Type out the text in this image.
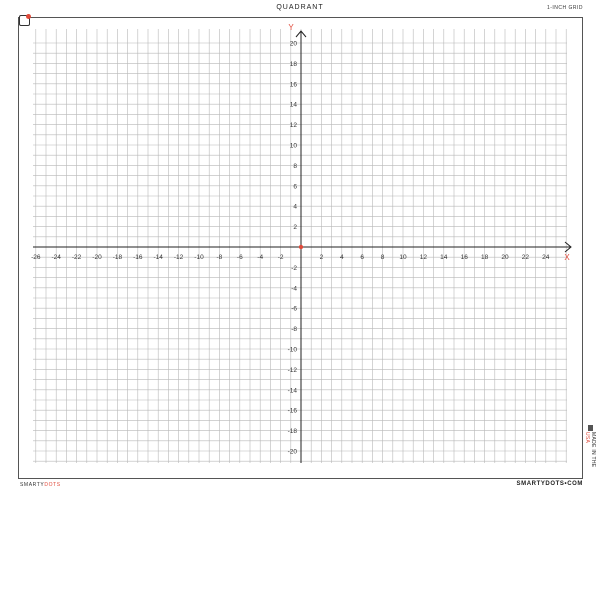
QUADRANT	1-INCH GRID
X
Y
-26 -24 -22 -20 -18 -16 -14 -12 -10 -8 -6 -4 -2	2	4	6	8 10 12 14 16 18 20 22 24
20
18
16
14
12
10
8
6
4
2
-2
-4
-6
-8
-10
-12
-14
-16
-18
-20
SMARTYDOTS	SMARTYDOTS•COM
MADE IN THE USA
